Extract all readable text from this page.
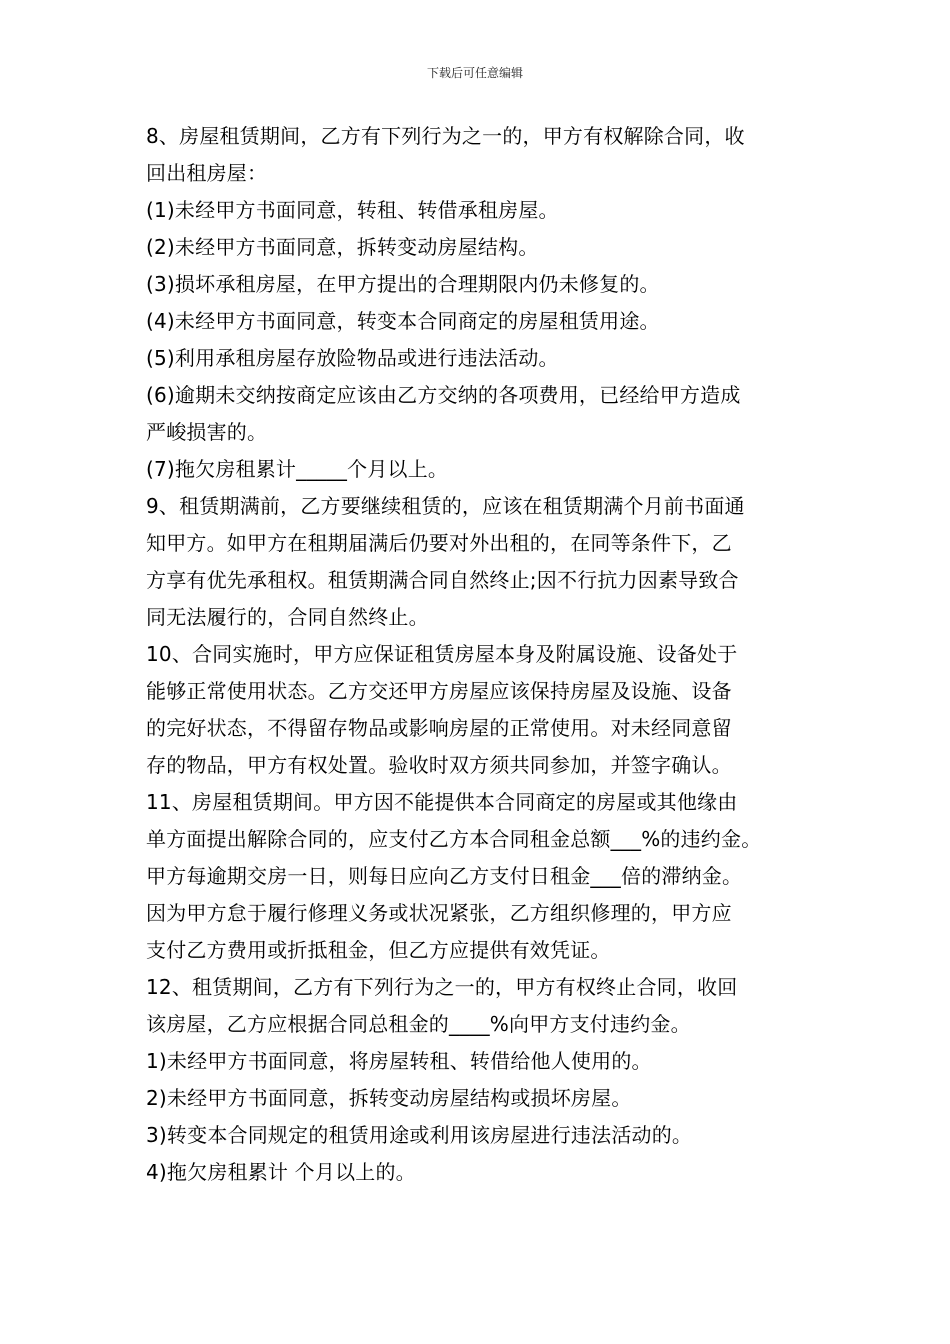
下载后可任意编辑
8、房屋租赁期间，乙方有下列行为之一的，甲方有权解除合同，收
回出租房屋：
(1)未经甲方书面同意，转租、转借承租房屋。
(2)未经甲方书面同意，拆转变动房屋结构。
(3)损坏承租房屋，在甲方提出的合理期限内仍未修复的。
(4)未经甲方书面同意，转变本合同商定的房屋租赁用途。
(5)利用承租房屋存放险物品或进行违法活动。
(6)逾期未交纳按商定应该由乙方交纳的各项费用，已经给甲方造成
严峻损害的。
(7)拖欠房租累计_____个月以上。
9、租赁期满前，乙方要继续租赁的，应该在租赁期满个月前书面通
知甲方。如甲方在租期届满后仍要对外出租的，在同等条件下，乙
方享有优先承租权。租赁期满合同自然终止;因不行抗力因素导致合
同无法履行的，合同自然终止。
10、合同实施时，甲方应保证租赁房屋本身及附属设施、设备处于
能够正常使用状态。乙方交还甲方房屋应该保持房屋及设施、设备
的完好状态，不得留存物品或影响房屋的正常使用。对未经同意留
存的物品，甲方有权处置。验收时双方须共同参加，并签字确认。
11、房屋租赁期间。甲方因不能提供本合同商定的房屋或其他缘由
单方面提出解除合同的，应支付乙方本合同租金总额___%的违约金。
甲方每逾期交房一日，则每日应向乙方支付日租金___倍的滞纳金。
因为甲方怠于履行修理义务或状况紧张，乙方组织修理的，甲方应
支付乙方费用或折抵租金，但乙方应提供有效凭证。
12、租赁期间，乙方有下列行为之一的，甲方有权终止合同，收回
该房屋，乙方应根据合同总租金的____%向甲方支付违约金。
1)未经甲方书面同意，将房屋转租、转借给他人使用的。
2)未经甲方书面同意，拆转变动房屋结构或损坏房屋。
3)转变本合同规定的租赁用途或利用该房屋进行违法活动的。
4)拖欠房租累计 个月以上的。
